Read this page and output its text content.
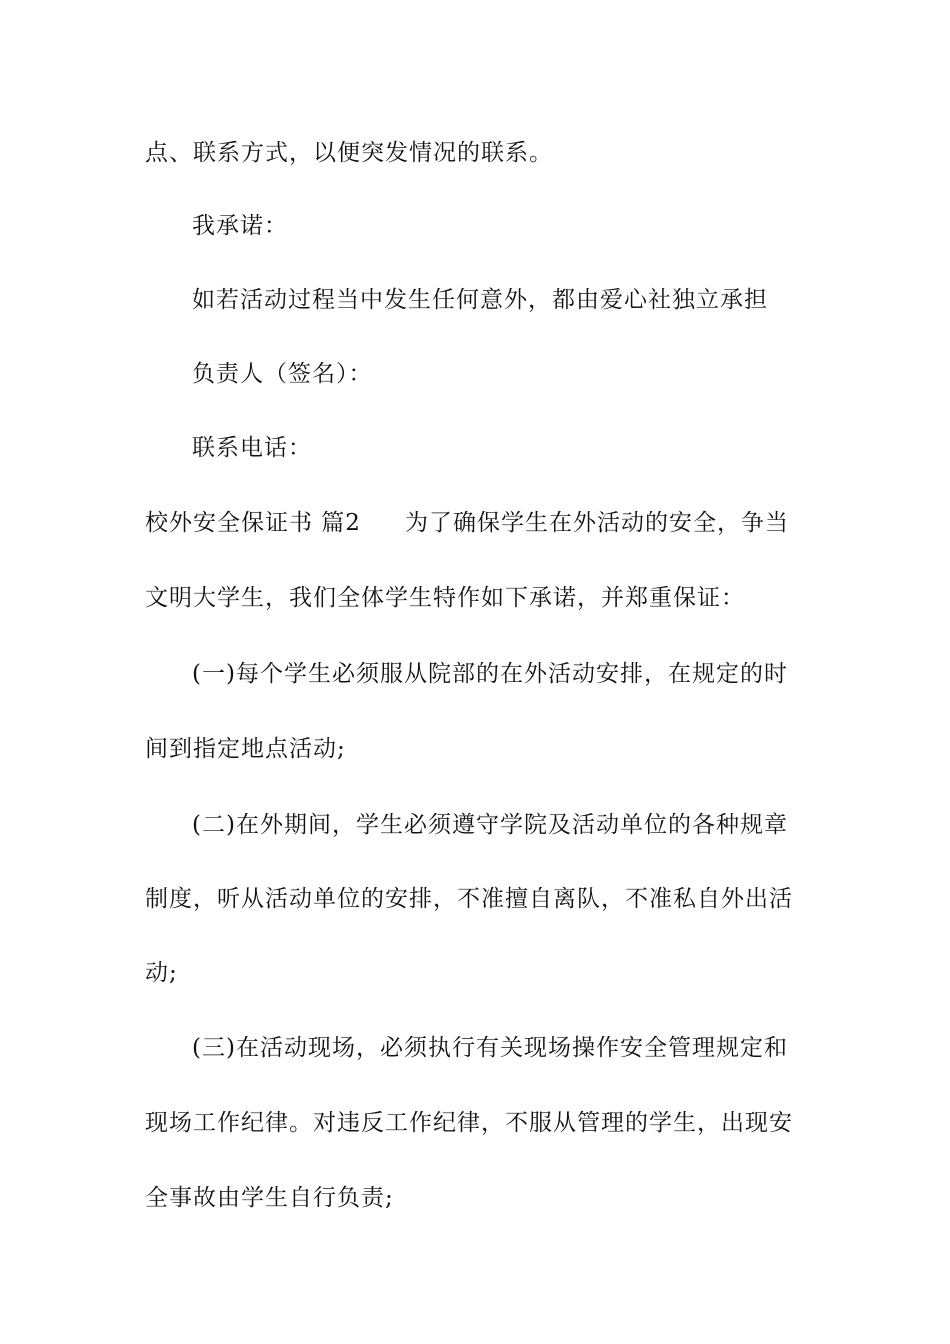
点、联系方式，以便突发情况的联系。
我承诺：
如若活动过程当中发生任何意外，都由爱心社独立承担
负责人（签名）：
联系电话：
校外安全保证书 篇2 为了确保学生在外活动的安全，争当
文明大学生，我们全体学生特作如下承诺，并郑重保证：
(一)每个学生必须服从院部的在外活动安排，在规定的时
间到指定地点活动;
(二)在外期间，学生必须遵守学院及活动单位的各种规章
制度，听从活动单位的安排，不准擅自离队，不准私自外出活
动;
(三)在活动现场，必须执行有关现场操作安全管理规定和
现场工作纪律。对违反工作纪律，不服从管理的学生，出现安
全事故由学生自行负责;
